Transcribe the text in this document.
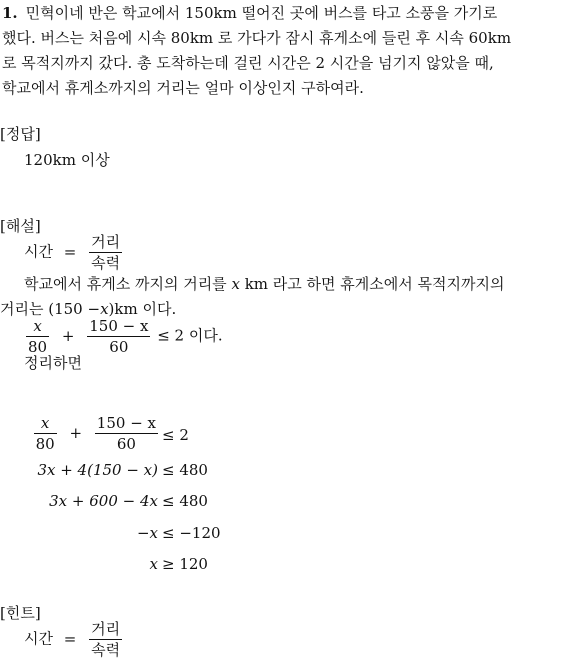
1. 민혁이네 반은 학교에서 150km 떨어진 곳에 버스를 타고 소풍을 가기로
했다. 버스는 처음에 시속 80km 로 가다가 잠시 휴게소에 들린 후 시속 60km
로 목적지까지 갔다. 총 도착하는데 걸린 시간은 2 시간을 넘기지 않았을 때,
학교에서 휴게소까지의 거리는 얼마 이상인지 구하여라.
[정답]
120km 이상
[해설]
시간 = $\frac{\text{거리}}{\text{속력}}$
학교에서 휴게소 까지의 거리를 x km 라고 하면 휴게소에서 목적지까지의
거리는 (150 −x)km 이다.
$\frac{x}{80} + \frac{150 - x}{60} \le 2$ 이다.
정리하면
$\frac{x}{80} + \frac{150 - x}{60} \le 2$
3x + 4(150 − x) ≤ 480
3x + 600 − 4x ≤ 480
−x ≤ −120
x ≥ 120
[힌트]
시간 = $\frac{\text{거리}}{\text{속력}}$
